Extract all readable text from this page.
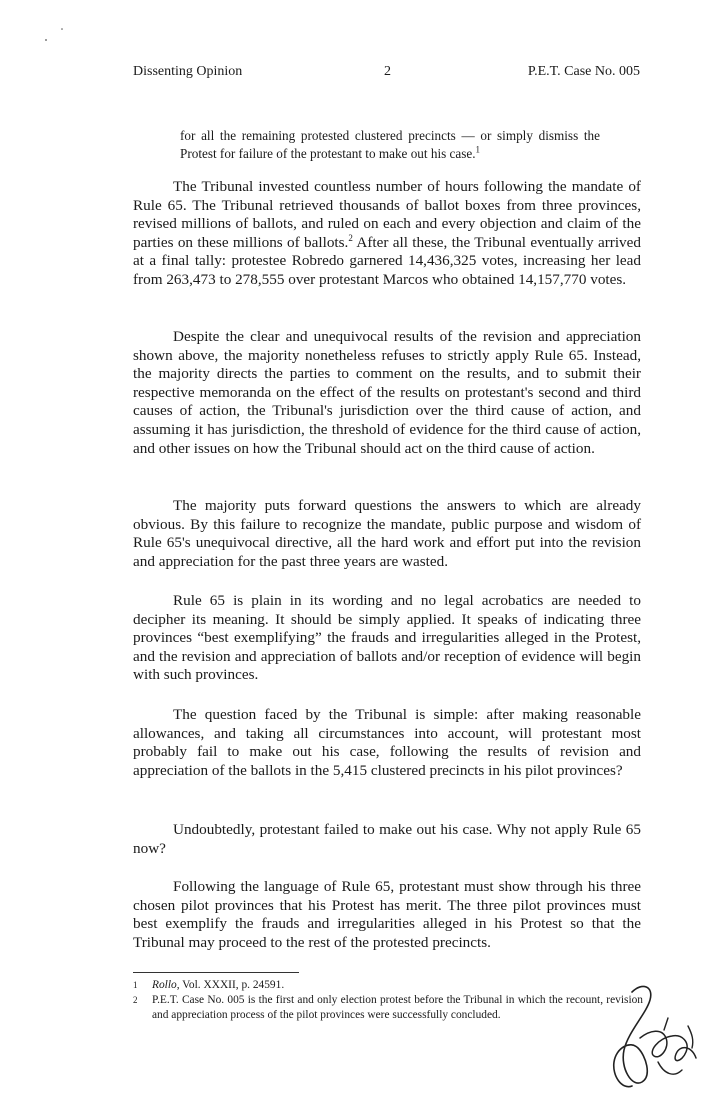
Dissenting Opinion	2	P.E.T. Case No. 005
for all the remaining protested clustered precincts — or simply dismiss the Protest for failure of the protestant to make out his case.$^1$
The Tribunal invested countless number of hours following the mandate of Rule 65. The Tribunal retrieved thousands of ballot boxes from three provinces, revised millions of ballots, and ruled on each and every objection and claim of the parties on these millions of ballots.$^2$ After all these, the Tribunal eventually arrived at a final tally: protestee Robredo garnered 14,436,325 votes, increasing her lead from 263,473 to 278,555 over protestant Marcos who obtained 14,157,770 votes.
Despite the clear and unequivocal results of the revision and appreciation shown above, the majority nonetheless refuses to strictly apply Rule 65. Instead, the majority directs the parties to comment on the results, and to submit their respective memoranda on the effect of the results on protestant's second and third causes of action, the Tribunal's jurisdiction over the third cause of action, and assuming it has jurisdiction, the threshold of evidence for the third cause of action, and other issues on how the Tribunal should act on the third cause of action.
The majority puts forward questions the answers to which are already obvious. By this failure to recognize the mandate, public purpose and wisdom of Rule 65's unequivocal directive, all the hard work and effort put into the revision and appreciation for the past three years are wasted.
Rule 65 is plain in its wording and no legal acrobatics are needed to decipher its meaning. It should be simply applied. It speaks of indicating three provinces “best exemplifying” the frauds and irregularities alleged in the Protest, and the revision and appreciation of ballots and/or reception of evidence will begin with such provinces.
The question faced by the Tribunal is simple: after making reasonable allowances, and taking all circumstances into account, will protestant most probably fail to make out his case, following the results of revision and appreciation of the ballots in the 5,415 clustered precincts in his pilot provinces?
Undoubtedly, protestant failed to make out his case. Why not apply Rule 65 now?
Following the language of Rule 65, protestant must show through his three chosen pilot provinces that his Protest has merit. The three pilot provinces must best exemplify the frauds and irregularities alleged in his Protest so that the Tribunal may proceed to the rest of the protested precincts.
1 Rollo, Vol. XXXII, p. 24591.
2 P.E.T. Case No. 005 is the first and only election protest before the Tribunal in which the recount, revision and appreciation process of the pilot provinces were successfully concluded.
